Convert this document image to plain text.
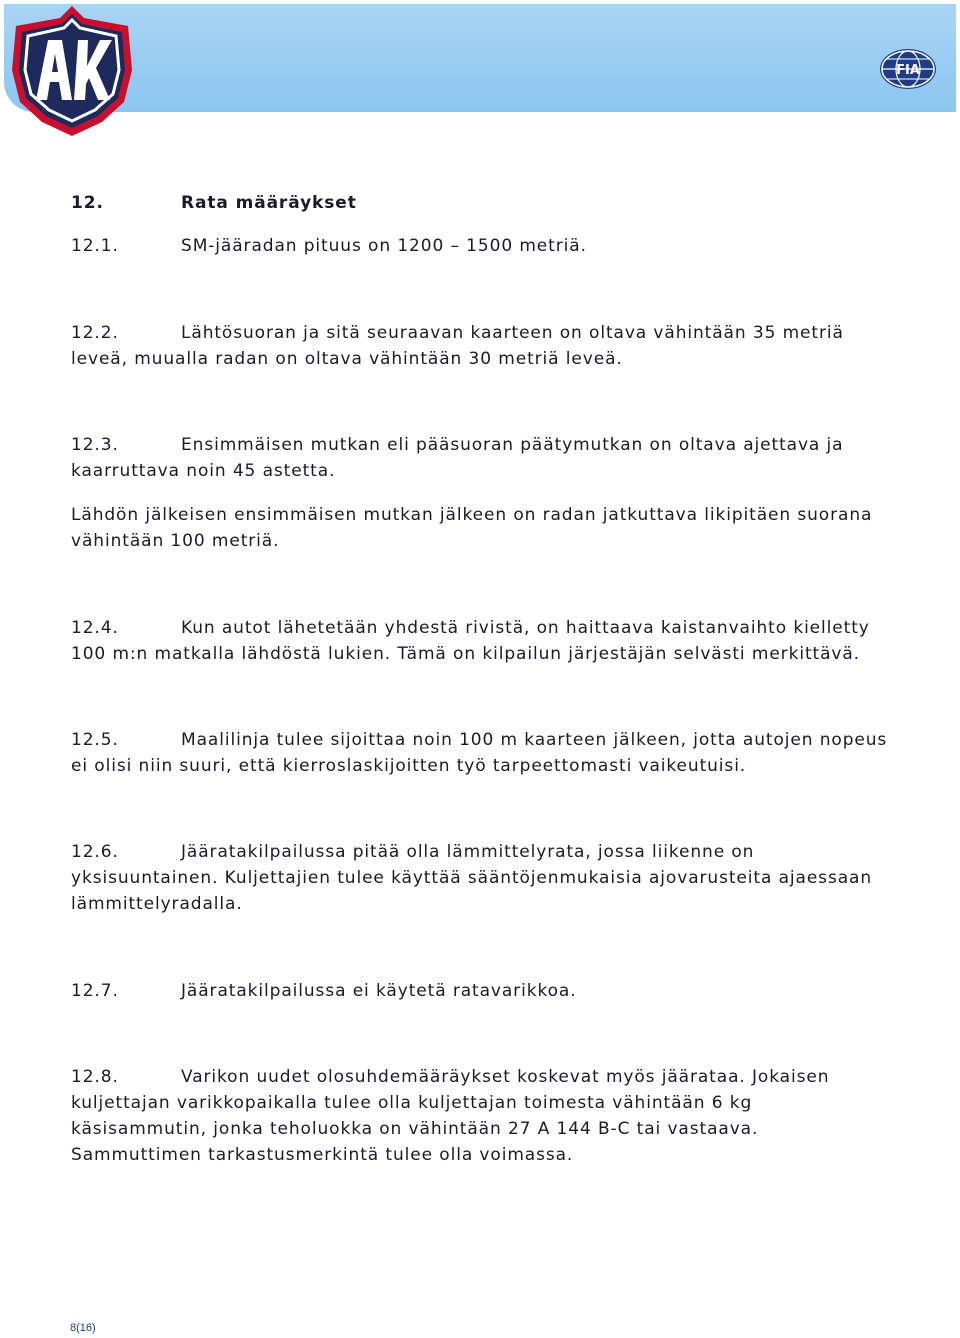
FIA
12.	Rata määräykset
12.1.	SM-jääradan pituus on 1200 – 1500 metriä.
12.2.	Lähtösuoran ja sitä seuraavan kaarteen on oltava vähintään 35 metriä leveä, muualla radan on oltava vähintään 30 metriä leveä.
12.3.	Ensimmäisen mutkan eli pääsuoran päätymutkan on oltava ajettava ja kaarruttava noin 45 astetta.
Lähdön jälkeisen ensimmäisen mutkan jälkeen on radan jatkuttava likipitäen suorana vähintään 100 metriä.
12.4.	Kun autot lähetetään yhdestä rivistä, on haittaava kaistanvaihto kielletty 100 m:n matkalla lähdöstä lukien. Tämä on kilpailun järjestäjän selvästi merkittävä.
12.5.	Maalilinja tulee sijoittaa noin 100 m kaarteen jälkeen, jotta autojen nopeus ei olisi niin suuri, että kierroslaskijoitten työ tarpeettomasti vaikeutuisi.
12.6.	Jääratakilpailussa pitää olla lämmittelyrata, jossa liikenne on yksisuuntainen. Kuljettajien tulee käyttää sääntöjenmukaisia ajovarusteita ajaessaan lämmittelyradalla.
12.7.	Jääratakilpailussa ei käytetä ratavarikkoa.
12.8.	Varikon uudet olosuhdemääräykset koskevat myös jäärataa. Jokaisen kuljettajan varikkopaikalla tulee olla kuljettajan toimesta vähintään 6 kg käsisammutin, jonka teholuokka on vähintään 27 A 144 B-C tai vastaava. Sammuttimen tarkastusmerkintä tulee olla voimassa.
8(16)
